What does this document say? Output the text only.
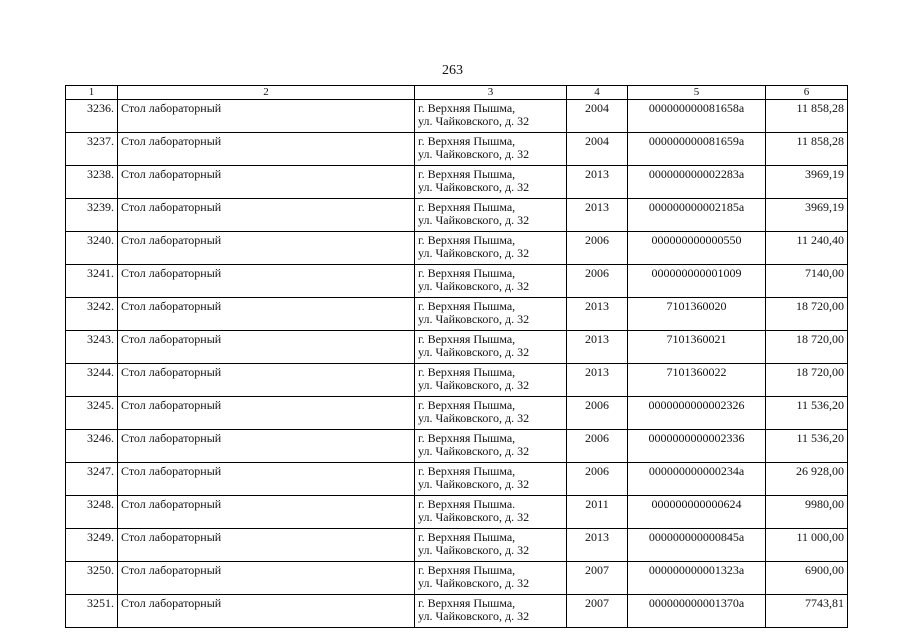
263
1	2	3	4	5	6
3236.	Стол лабораторный	г. Верхняя Пышма,
ул. Чайковского, д. 32	2004	000000000081658а	11 858,28
3237.	Стол лабораторный	г. Верхняя Пышма,
ул. Чайковского, д. 32	2004	000000000081659а	11 858,28
3238.	Стол лабораторный	г. Верхняя Пышма,
ул. Чайковского, д. 32	2013	000000000002283а	3969,19
3239.	Стол лабораторный	г. Верхняя Пышма,
ул. Чайковского, д. 32	2013	000000000002185а	3969,19
3240.	Стол лабораторный	г. Верхняя Пышма,
ул. Чайковского, д. 32	2006	000000000000550	11 240,40
3241.	Стол лабораторный	г. Верхняя Пышма,
ул. Чайковского, д. 32	2006	000000000001009	7140,00
3242.	Стол лабораторный	г. Верхняя Пышма,
ул. Чайковского, д. 32	2013	7101360020	18 720,00
3243.	Стол лабораторный	г. Верхняя Пышма,
ул. Чайковского, д. 32	2013	7101360021	18 720,00
3244.	Стол лабораторный	г. Верхняя Пышма,
ул. Чайковского, д. 32	2013	7101360022	18 720,00
3245.	Стол лабораторный	г. Верхняя Пышма,
ул. Чайковского, д. 32	2006	0000000000002326	11 536,20
3246.	Стол лабораторный	г. Верхняя Пышма,
ул. Чайковского, д. 32	2006	0000000000002336	11 536,20
3247.	Стол лабораторный	г. Верхняя Пышма,
ул. Чайковского, д. 32	2006	000000000000234а	26 928,00
3248.	Стол лабораторный	г. Верхняя Пышма.
ул. Чайковского, д. 32	2011	000000000000624	9980,00
3249.	Стол лабораторный	г. Верхняя Пышма,
ул. Чайковского, д. 32	2013	000000000000845а	11 000,00
3250.	Стол лабораторный	г. Верхняя Пышма,
ул. Чайковского, д. 32	2007	000000000001323а	6900,00
3251.	Стол лабораторный	г. Верхняя Пышма,
ул. Чайковского, д. 32	2007	000000000001370а	7743,81
